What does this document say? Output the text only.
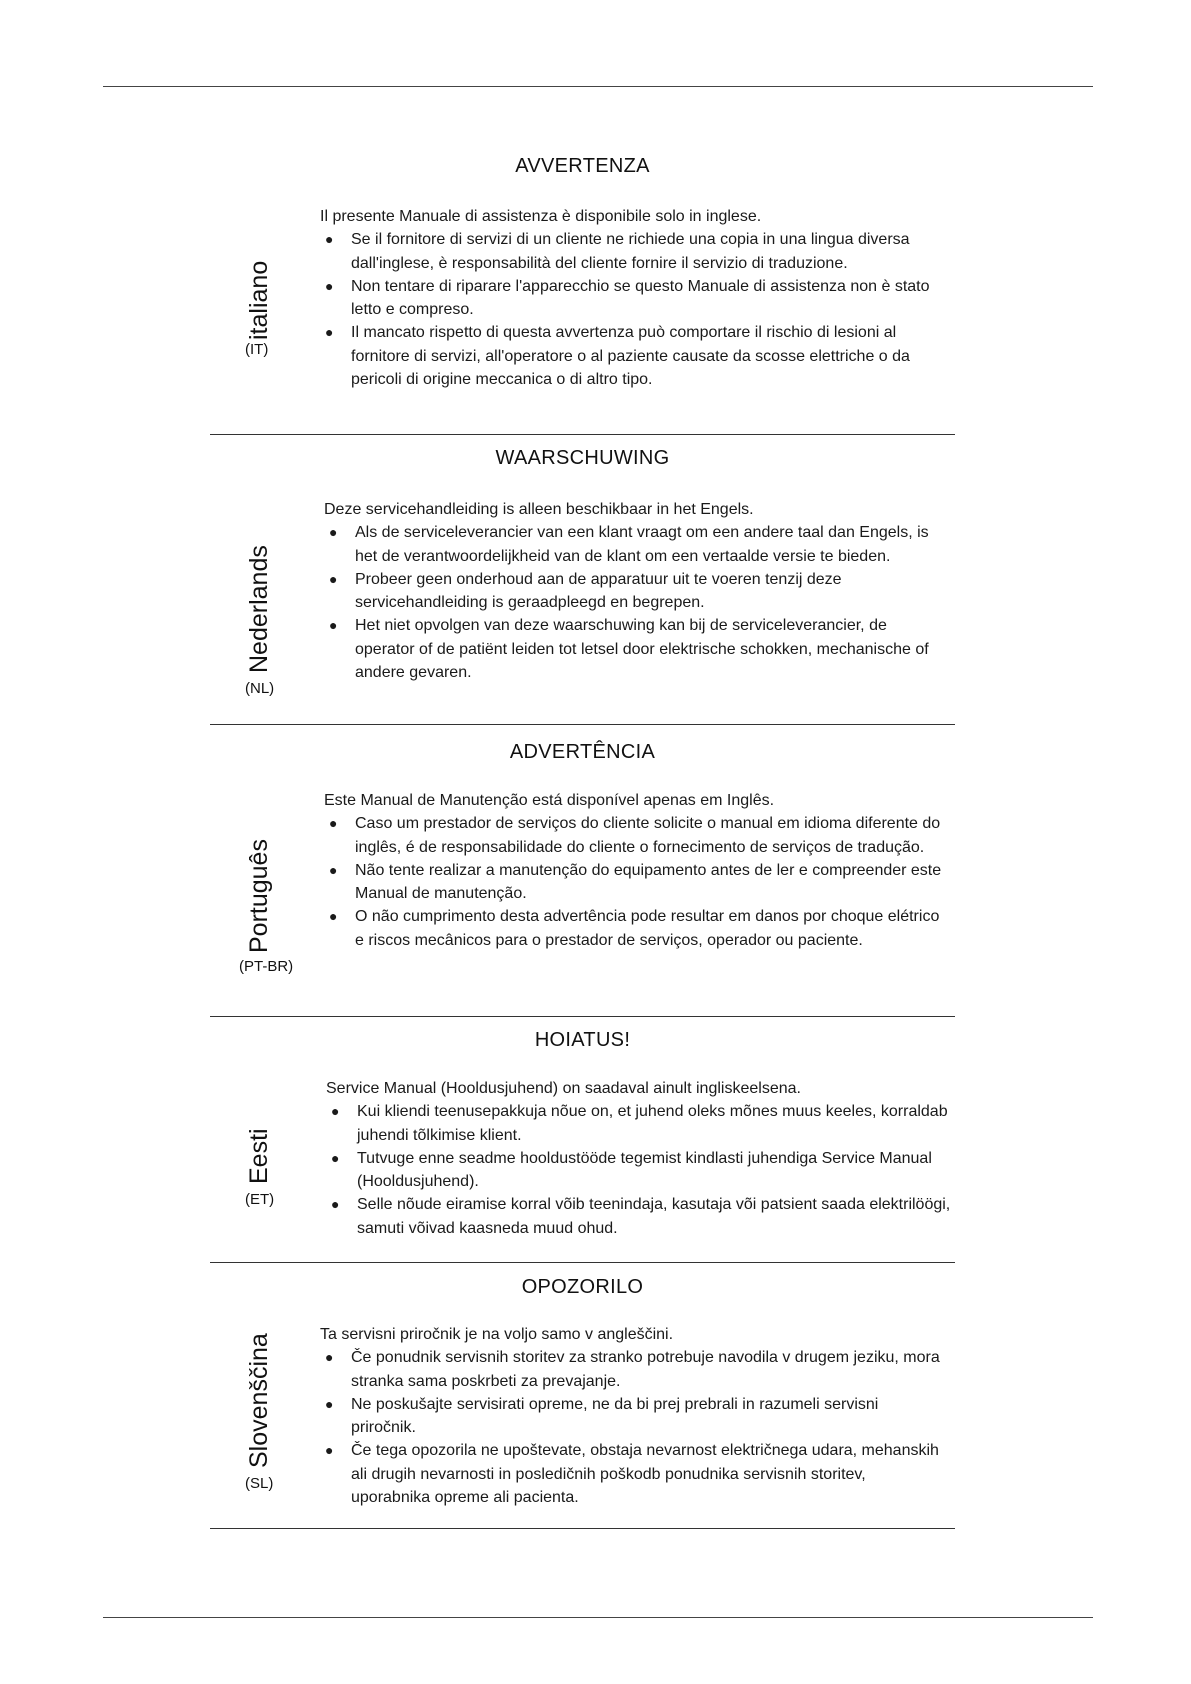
AVVERTENZA
italiano
(IT)

Il presente Manuale di assistenza è disponibile solo in inglese.

● Se il fornitore di servizi di un cliente ne richiede una copia in una lingua diversa dall'inglese, è responsabilità del cliente fornire il servizio di traduzione.
● Non tentare di riparare l'apparecchio se questo Manuale di assistenza non è stato letto e compreso.
● Il mancato rispetto di questa avvertenza può comportare il rischio di lesioni al fornitore di servizi, all'operatore o al paziente causate da scosse elettriche o da pericoli di origine meccanica o di altro tipo.
WAARSCHUWING
Nederlands
(NL)

Deze servicehandleiding is alleen beschikbaar in het Engels.

● Als de serviceleverancier van een klant vraagt om een andere taal dan Engels, is het de verantwoordelijkheid van de klant om een vertaalde versie te bieden.
● Probeer geen onderhoud aan de apparatuur uit te voeren tenzij deze servicehandleiding is geraadpleegd en begrepen.
● Het niet opvolgen van deze waarschuwing kan bij de serviceleverancier, de operator of de patiënt leiden tot letsel door elektrische schokken, mechanische of andere gevaren.
ADVERTÊNCIA
Português
(PT-BR)

Este Manual de Manutenção está disponível apenas em Inglês.

● Caso um prestador de serviços do cliente solicite o manual em idioma diferente do inglês, é de responsabilidade do cliente o fornecimento de serviços de tradução.
● Não tente realizar a manutenção do equipamento antes de ler e compreender este Manual de manutenção.
● O não cumprimento desta advertência pode resultar em danos por choque elétrico e riscos mecânicos para o prestador de serviços, operador ou paciente.
HOIATUS!
Eesti
(ET)

Service Manual (Hooldusjuhend) on saadaval ainult ingliskeelsena.

● Kui kliendi teenusepakkuja nõue on, et juhend oleks mõnes muus keeles, korraldab juhendi tõlkimise klient.
● Tutvuge enne seadme hooldustööde tegemist kindlasti juhendiga Service Manual (Hooldusjuhend).
● Selle nõude eiramise korral võib teenindaja, kasutaja või patsient saada elektrilöögi, samuti võivad kaasneda muud ohud.
OPOZORILO
Slovenščina
(SL)

Ta servisni priročnik je na voljo samo v angleščini.

● Če ponudnik servisnih storitev za stranko potrebuje navodila v drugem jeziku, mora stranka sama poskrbeti za prevajanje.
● Ne poskušajte servisirati opreme, ne da bi prej prebrali in razumeli servisni priročnik.
● Če tega opozorila ne upoštevate, obstaja nevarnost električnega udara, mehanskih ali drugih nevarnosti in posledičnih poškodb ponudnika servisnih storitev, uporabnika opreme ali pacienta.
